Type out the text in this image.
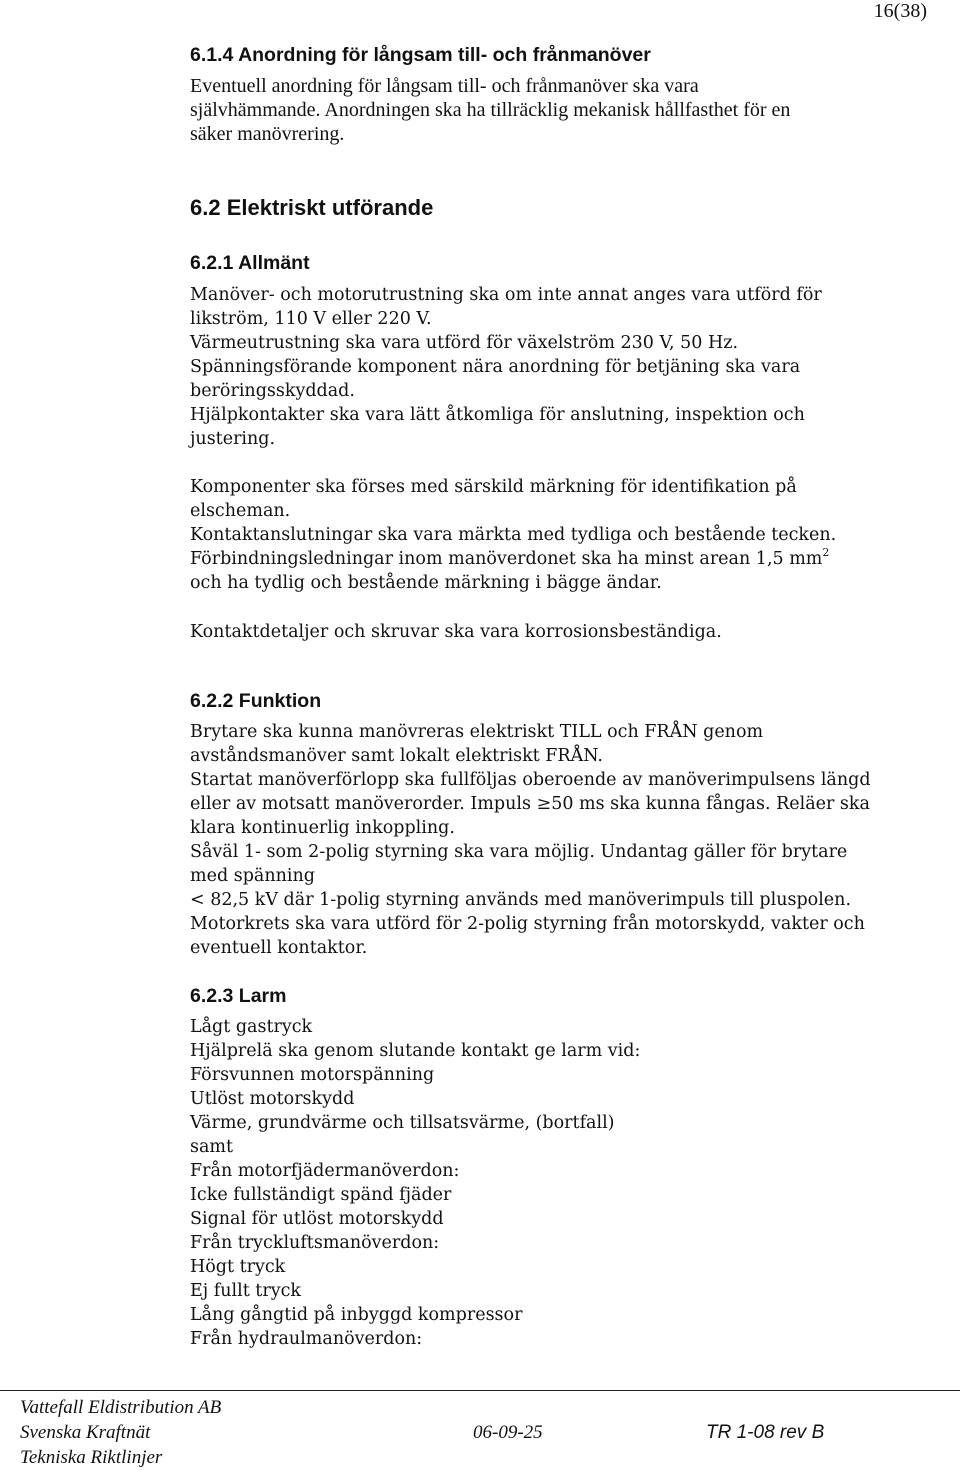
16(38)
6.1.4 Anordning för långsam till- och frånmanöver
Eventuell anordning för långsam till- och frånmanöver ska vara
självhämmande. Anordningen ska ha tillräcklig mekanisk hållfasthet för en
säker manövrering.
6.2 Elektriskt utförande
6.2.1 Allmänt
Manöver- och motorutrustning ska om inte annat anges vara utförd för
likström, 110 V eller 220 V.
Värmeutrustning ska vara utförd för växelström 230 V, 50 Hz.
Spänningsförande komponent nära anordning för betjäning ska vara
beröringsskyddad.
Hjälpkontakter ska vara lätt åtkomliga för anslutning, inspektion och
justering.
Komponenter ska förses med särskild märkning för identifikation på
elscheman.
Kontaktanslutningar ska vara märkta med tydliga och bestående tecken.
Förbindningsledningar inom manöverdonet ska ha minst arean 1,5 $mm^2$
och ha tydlig och bestående märkning i bägge ändar.
Kontaktdetaljer och skruvar ska vara korrosionsbeständiga.
6.2.2 Funktion
Brytare ska kunna manövreras elektriskt TILL och FRÅN genom
avståndsmanöver samt lokalt elektriskt FRÅN.
Startat manöverförlopp ska fullföljas oberoende av manöverimpulsens längd
eller av motsatt manöverorder. Impuls ≥50 ms ska kunna fångas. Reläer ska
klara kontinuerlig inkoppling.
Såväl 1- som 2-polig styrning ska vara möjlig. Undantag gäller för brytare
med spänning
< 82,5 kV där 1-polig styrning används med manöverimpuls till pluspolen.
Motorkrets ska vara utförd för 2-polig styrning från motorskydd, vakter och
eventuell kontaktor.
6.2.3 Larm
Lågt gastryck
Hjälprelä ska genom slutande kontakt ge larm vid:
Försvunnen motorspänning
Utlöst motorskydd
Värme, grundvärme och tillsatsvärme, (bortfall)
samt
Från motorfjädermanöverdon:
Icke fullständigt spänd fjäder
Signal för utlöst motorskydd
Från tryckluftsmanöverdon:
Högt tryck
Ej fullt tryck
Lång gångtid på inbyggd kompressor
Från hydraulmanöverdon:
Vattefall Eldistribution AB
Svenska Kraftnät
Tekniska Riktlinjer
06-09-25	TR 1-08 rev B
